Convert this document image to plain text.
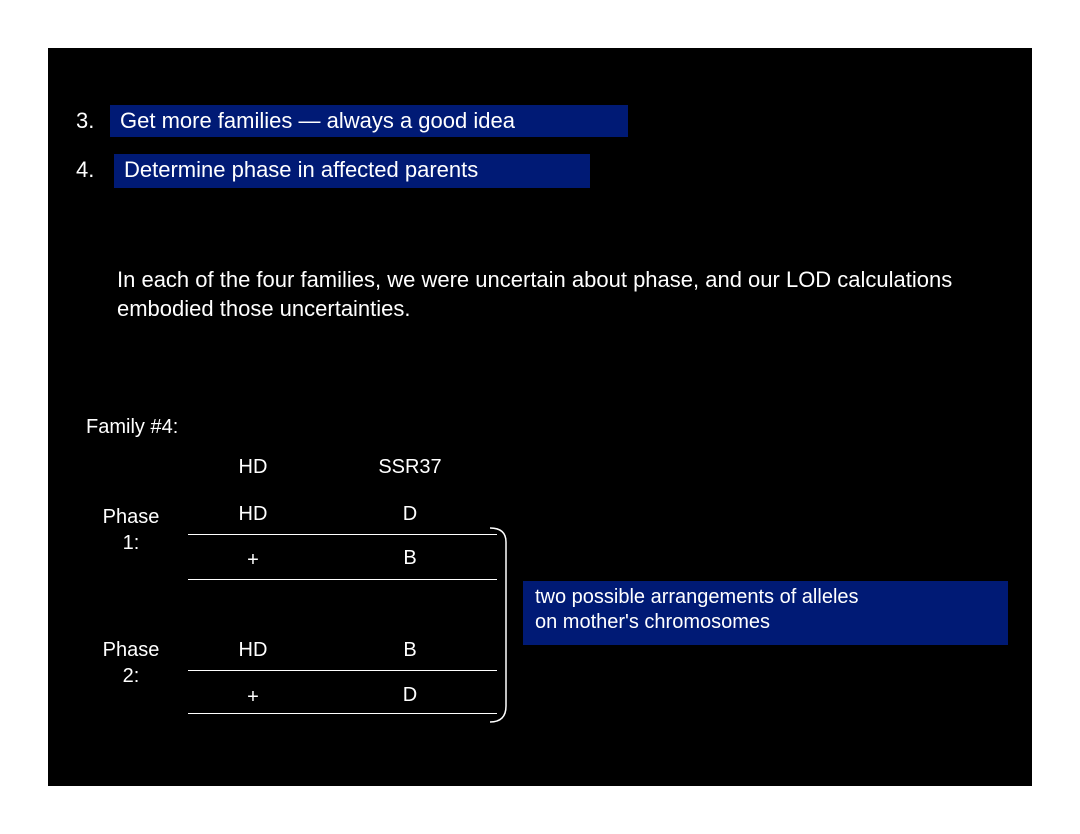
3.	Get more families — always a good idea
4.	Determine phase in affected parents
In each of the four families, we were uncertain about phase, and our LOD calculations embodied those uncertainties.
Family #4:
HD	SSR37
Phase
1:
HD	D
+	B
Phase
2:
HD	B
+	D
two possible arrangements of alleles
on mother's chromosomes
